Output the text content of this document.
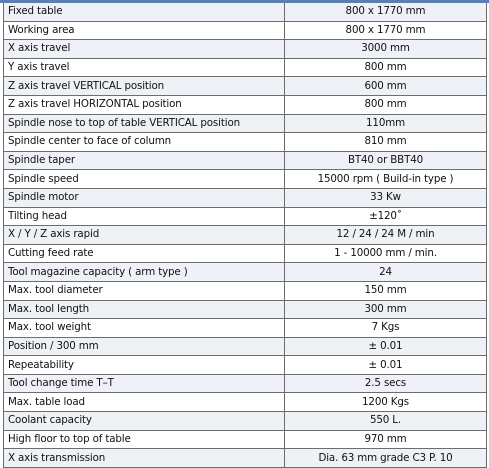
Fixed table	800 x 1770 mm
Working area	800 x 1770 mm
X axis travel	3000 mm
Y axis travel	800 mm
Z axis travel VERTICAL position	600 mm
Z axis travel HORIZONTAL position	800 mm
Spindle nose to top of table VERTICAL position	110mm
Spindle center to face of column	810 mm
Spindle taper	BT40 or BBT40
Spindle speed	15000 rpm ( Build-in type )
Spindle motor	33 Kw
Tilting head	±120˚
X / Y / Z axis rapid	12 / 24 / 24 M / min
Cutting feed rate	1 - 10000 mm / min.
Tool magazine capacity ( arm type )	24
Max. tool diameter	150 mm
Max. tool length	300 mm
Max. tool weight	7 Kgs
Position / 300 mm	± 0.01
Repeatability	± 0.01
Tool change time T–T	2.5 secs
Max. table load	1200 Kgs
Coolant capacity	550 L.
High floor to top of table	970 mm
X axis transmission	Dia. 63 mm grade C3 P. 10
